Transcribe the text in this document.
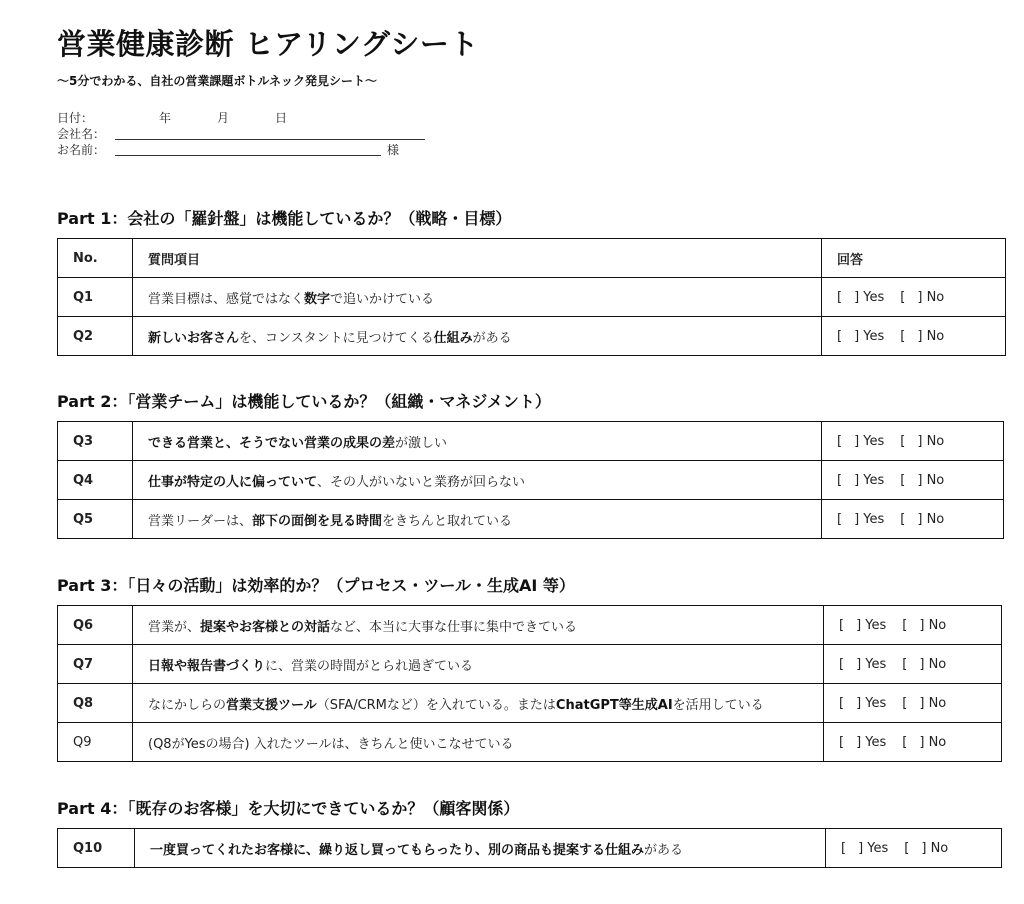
営業健康診断 ヒアリングシート

〜5分でわかる、自社の営業課題ボトルネック発見シート〜

日付：	年	月	日
会社名：
お名前：	様
Part 1：会社の「羅針盤」は機能しているか？（戦略・目標）
No.	質問項目	回答
Q1	営業目標は、感覚ではなく数字で追いかけている	[ ] Yes [ ] No

Q2	新しいお客さんを、コンスタントに見つけてくる仕組みがある	[ ] Yes [ ] No
Part 2：「営業チーム」は機能しているか？（組織・マネジメント）
Q3	できる営業と、そうでない営業の成果の差が激しい	[ ] Yes [ ] No

Q4	仕事が特定の人に偏っていて、その人がいないと業務が回らない	[ ] Yes [ ] No

Q5	営業リーダーは、部下の面倒を見る時間をきちんと取れている	[ ] Yes [ ] No
Part 3：「日々の活動」は効率的か？（プロセス・ツール・生成AI 等）
Q6	営業が、提案やお客様との対話など、本当に大事な仕事に集中できている	[ ] Yes [ ] No

Q7	日報や報告書づくりに、営業の時間がとられ過ぎている	[ ] Yes [ ] No

Q8	なにかしらの営業支援ツール（SFA/CRMなど）を入れている。またはChatGPT等生成AIを活用している	[ ] Yes [ ] No

Q9	(Q8がYesの場合) 入れたツールは、きちんと使いこなせている	[ ] Yes [ ] No
Part 4：「既存のお客様」を大切にできているか？（顧客関係）
Q10	一度買ってくれたお客様に、繰り返し買ってもらったり、別の商品も提案する仕組みがある	[ ] Yes [ ] No
